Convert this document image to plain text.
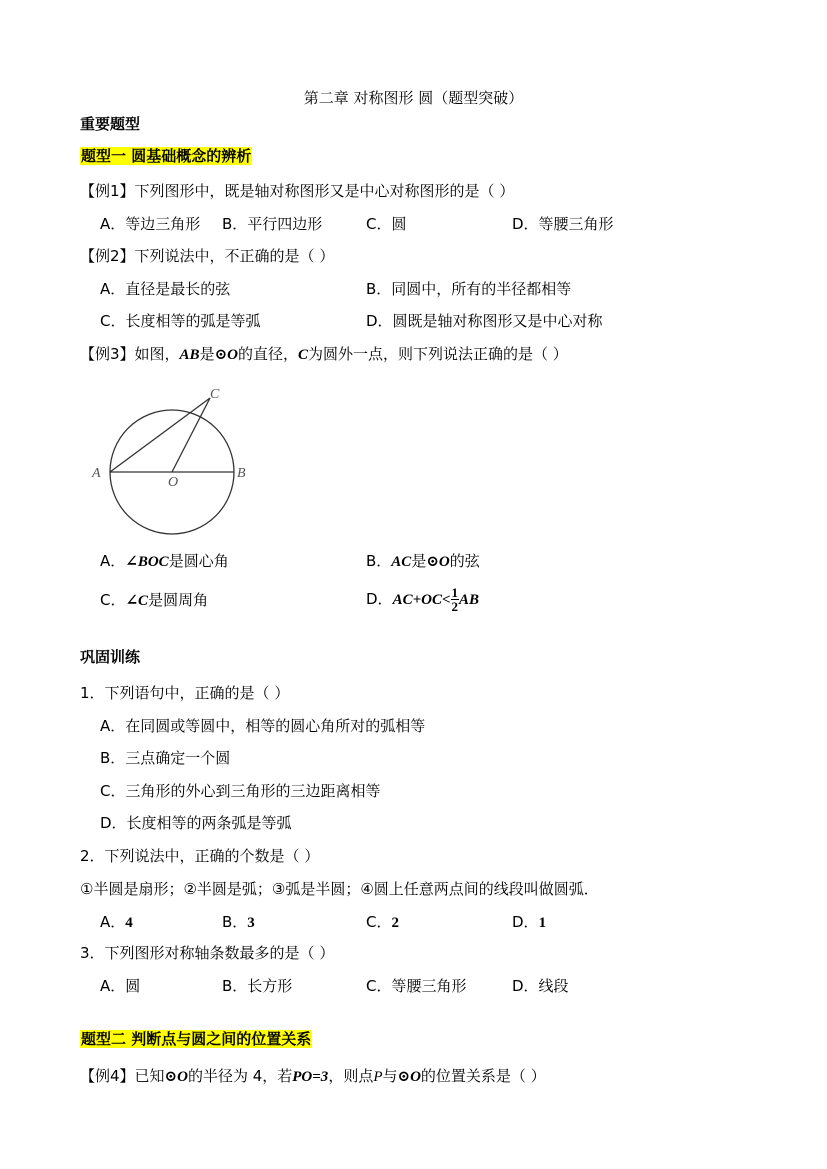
第二章 对称图形 圆（题型突破）
重要题型
题型一 圆基础概念的辨析
【例1】下列图形中，既是轴对称图形又是中心对称图形的是（ ）
A．等边三角形 B．平行四边形	C．圆	D．等腰三角形
【例2】下列说法中，不正确的是（ ）
A．直径是最长的弦	B．同圆中，所有的半径都相等
C．长度相等的弧是等弧	D．圆既是轴对称图形又是中心对称
【例3】如图，AB是⊙O的直径，C为圆外一点，则下列说法正确的是（ ）
A	B
C
O
A．∠BOC是圆心角	B．AC是⊙O的弦
C．∠C是圆周角	D．$AC+OC< \frac{1}{2}$ AB
巩固训练
1．下列语句中，正确的是（ ）
A．在同圆或等圆中，相等的圆心角所对的弧相等
B．三点确定一个圆
C．三角形的外心到三角形的三边距离相等
D．长度相等的两条弧是等弧
2．下列说法中，正确的个数是（ ）
①半圆是扇形；②半圆是弧；③弧是半圆；④圆上任意两点间的线段叫做圆弧．
A．4	B．3	C．2	D．1
3．下列图形对称轴条数最多的是（ ）
A．圆	B．长方形	C．等腰三角形	D．线段
题型二 判断点与圆之间的位置关系
【例4】已知⊙O的半径为 4，若PO=3，则点P与⊙O的位置关系是（ ）
